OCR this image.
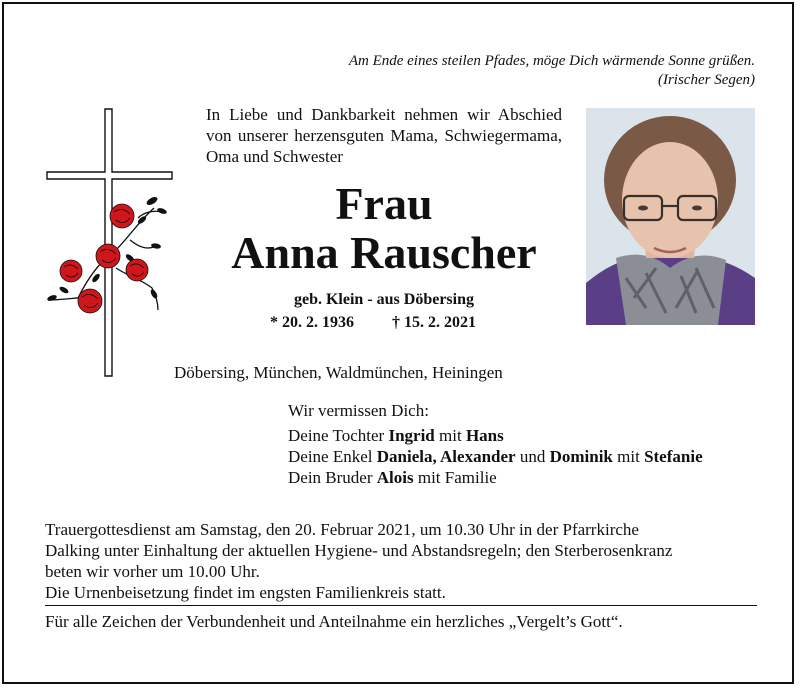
Am Ende eines steilen Pfades, möge Dich wärmende Sonne grüßen.
(Irischer Segen)
In Liebe und Dankbarkeit nehmen wir Abschied von unserer herzensguten Mama, Schwiegermama, Oma und Schwester
Frau
Anna Rauscher
geb. Klein - aus Döbersing
* 20. 2. 1936 † 15. 2. 2021
Döbersing, München, Waldmünchen, Heiningen
Wir vermissen Dich:
Deine Tochter Ingrid mit Hans
Deine Enkel Daniela, Alexander und Dominik mit Stefanie
Dein Bruder Alois mit Familie
Trauergottesdienst am Samstag, den 20. Februar 2021, um 10.30 Uhr in der Pfarrkirche
Dalking unter Einhaltung der aktuellen Hygiene- und Abstandsregeln; den Sterberosenkranz
beten wir vorher um 10.00 Uhr.
Die Urnenbeisetzung findet im engsten Familienkreis statt.
Für alle Zeichen der Verbundenheit und Anteilnahme ein herzliches „Vergelt’s Gott“.
